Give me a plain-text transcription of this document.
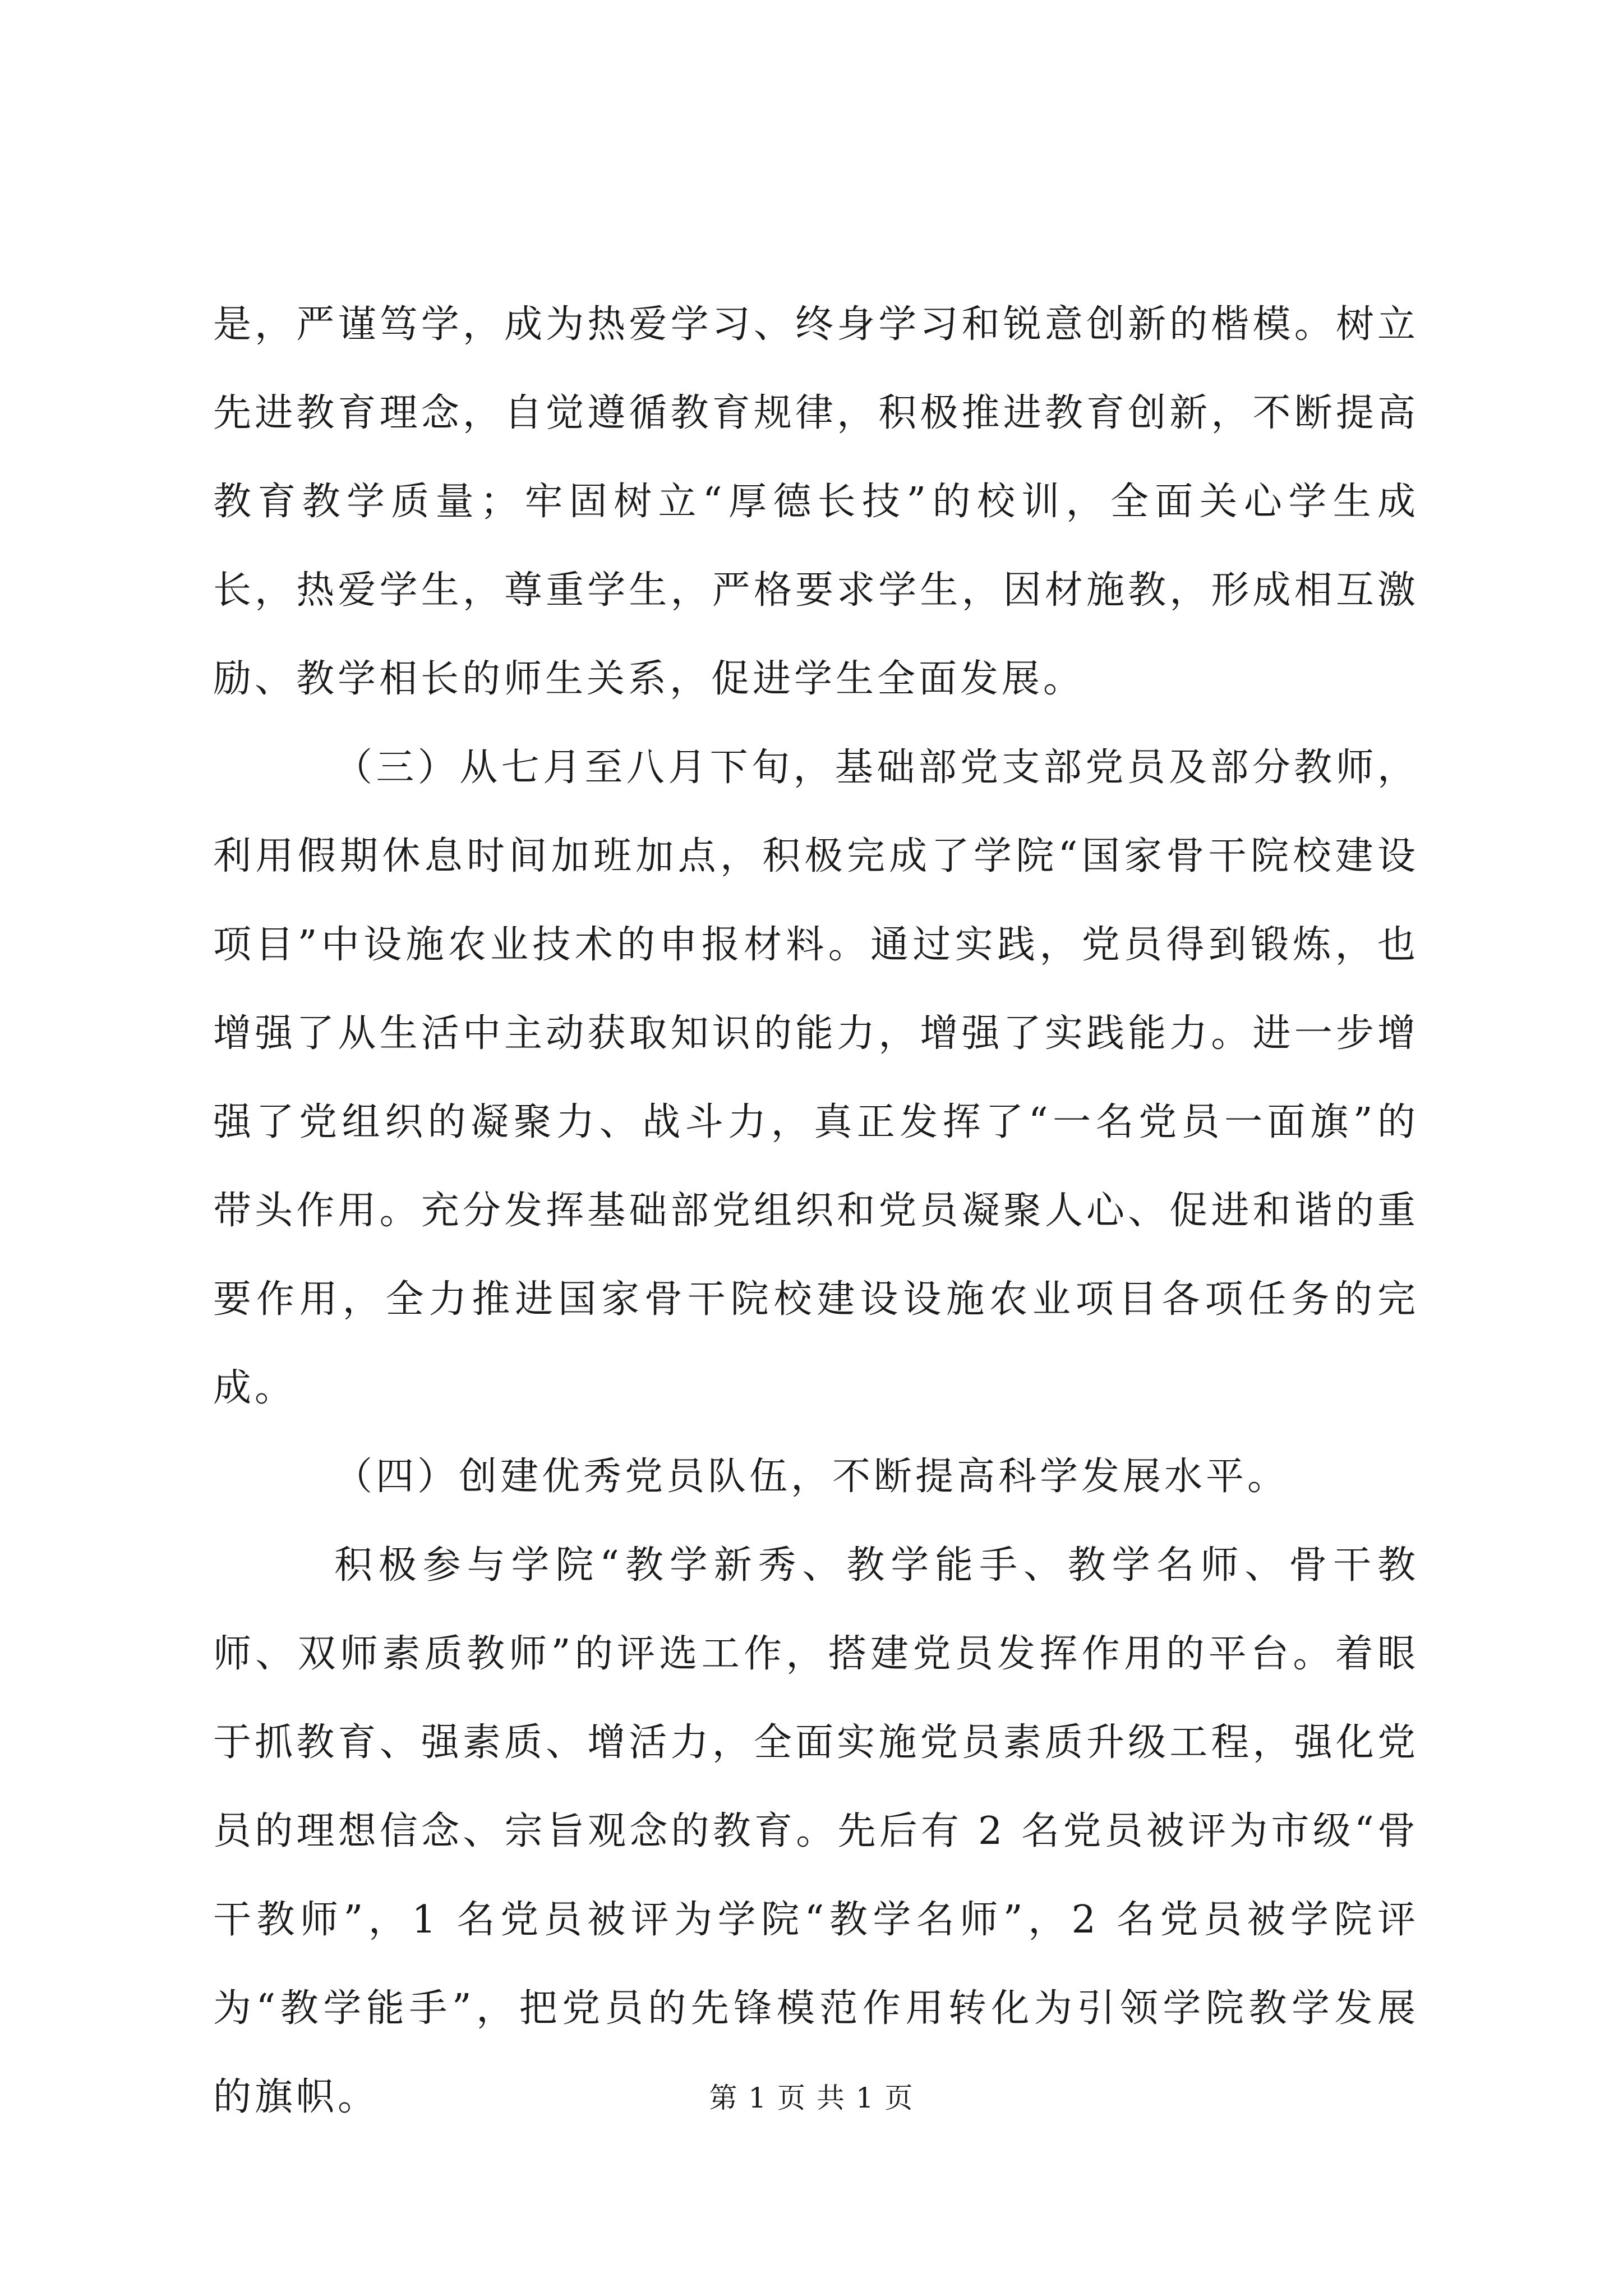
是，严谨笃学，成为热爱学习、终身学习和锐意创新的楷模。树立先进教育理念，自觉遵循教育规律，积极推进教育创新，不断提高教育教学质量；牢固树立“厚德长技”的校训，全面关心学生成长，热爱学生，尊重学生，严格要求学生，因材施教，形成相互激励、教学相长的师生关系，促进学生全面发展。

（三）从七月至八月下旬，基础部党支部党员及部分教师，利用假期休息时间加班加点，积极完成了学院“国家骨干院校建设项目”中设施农业技术的申报材料。通过实践，党员得到锻炼，也增强了从生活中主动获取知识的能力，增强了实践能力。进一步增强了党组织的凝聚力、战斗力，真正发挥了“一名党员一面旗”的带头作用。充分发挥基础部党组织和党员凝聚人心、促进和谐的重要作用，全力推进国家骨干院校建设设施农业项目各项任务的完成。

（四）创建优秀党员队伍，不断提高科学发展水平。

积极参与学院“教学新秀、教学能手、教学名师、骨干教师、双师素质教师”的评选工作，搭建党员发挥作用的平台。着眼于抓教育、强素质、增活力，全面实施党员素质升级工程，强化党员的理想信念、宗旨观念的教育。先后有 2 名党员被评为市级“骨干教师”，1 名党员被评为学院“教学名师”，2 名党员被学院评为“教学能手”，把党员的先锋模范作用转化为引领学院教学发展的旗帜。	第 1 页 共 1 页
